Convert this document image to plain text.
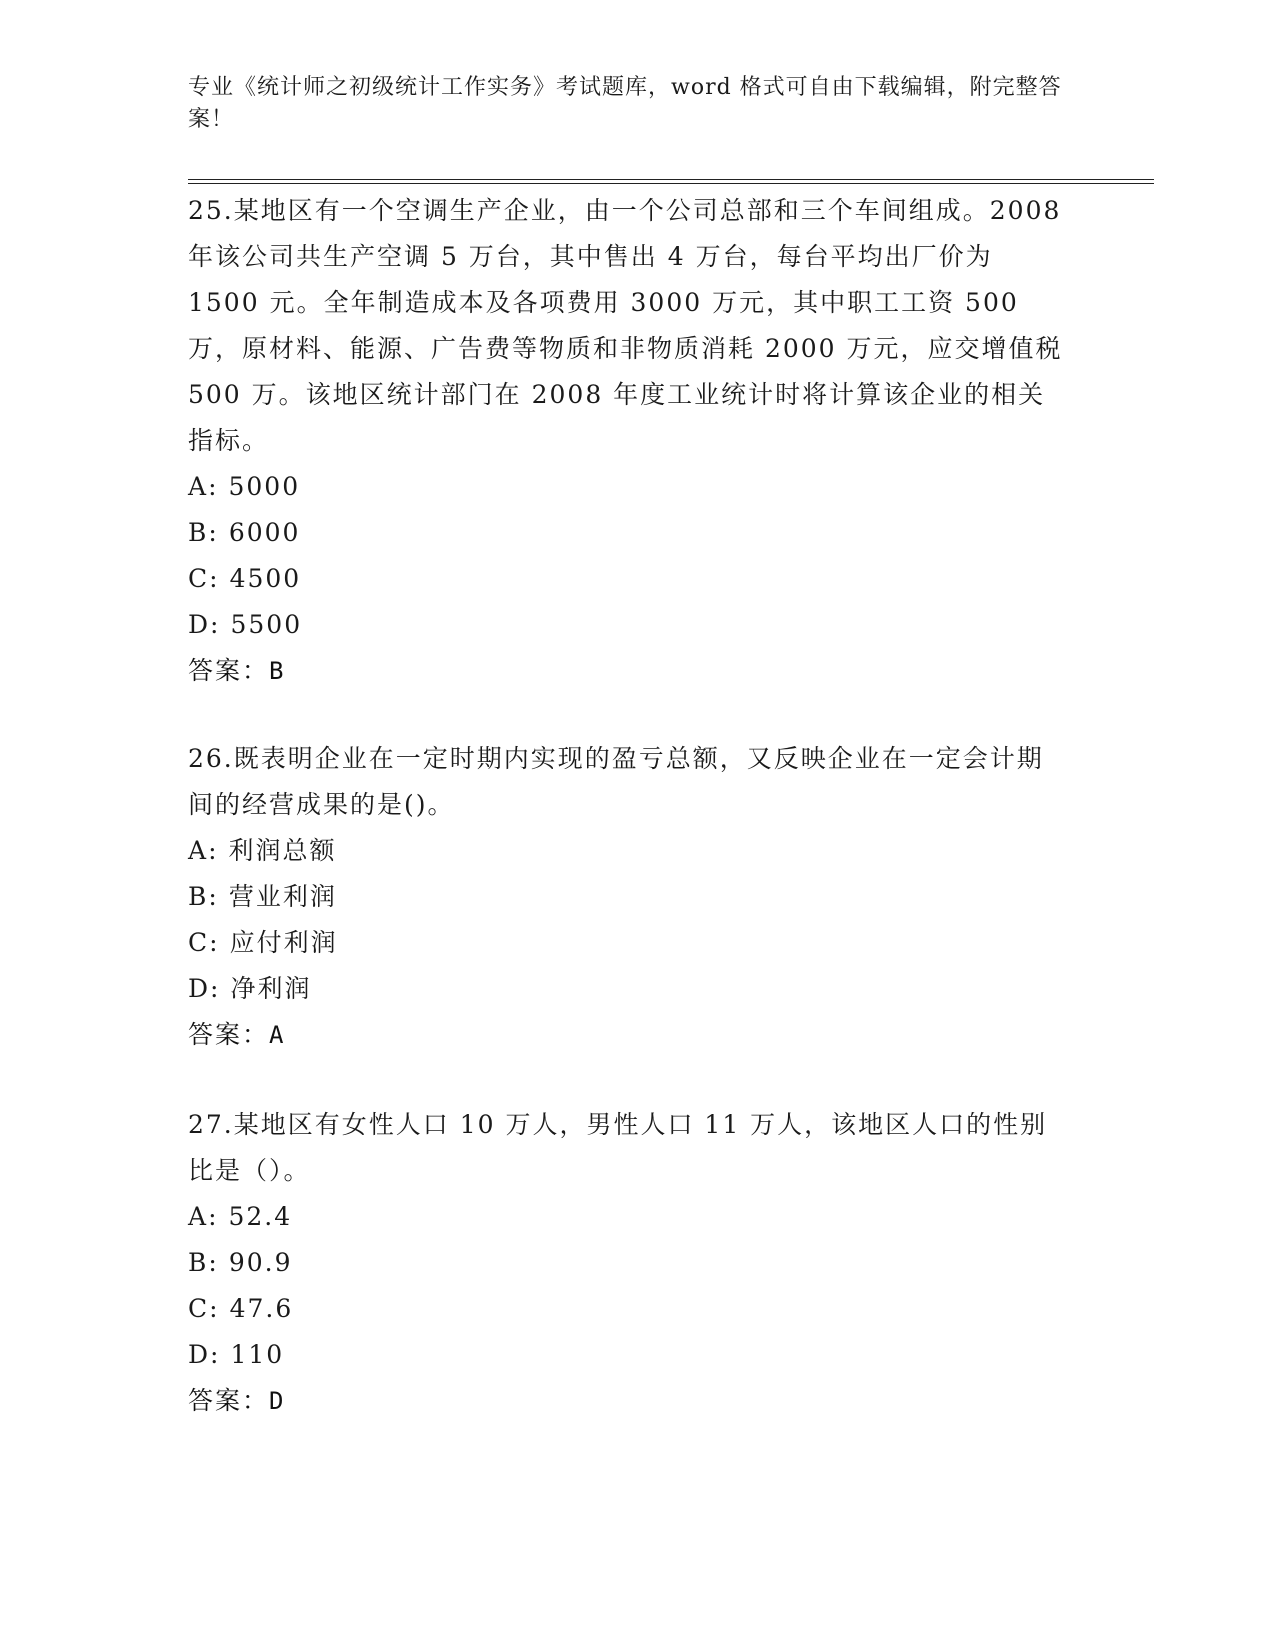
专业《统计师之初级统计工作实务》考试题库，word 格式可自由下载编辑，附完整答案！
25.某地区有一个空调生产企业，由一个公司总部和三个车间组成。2008 年该公司共生产空调 5 万台，其中售出 4 万台，每台平均出厂价为 1500 元。全年制造成本及各项费用 3000 万元，其中职工工资 500 万，原材料、能源、广告费等物质和非物质消耗 2000 万元，应交增值税 500 万。该地区统计部门在 2008 年度工业统计时将计算该企业的相关指标。
A: 5000
B: 6000
C: 4500
D: 5500
答案：B
26.既表明企业在一定时期内实现的盈亏总额，又反映企业在一定会计期间的经营成果的是()。
A: 利润总额
B: 营业利润
C: 应付利润
D: 净利润
答案：A
27.某地区有女性人口 10 万人，男性人口 11 万人，该地区人口的性别比是（）。
A: 52.4
B: 90.9
C: 47.6
D: 110
答案：D
